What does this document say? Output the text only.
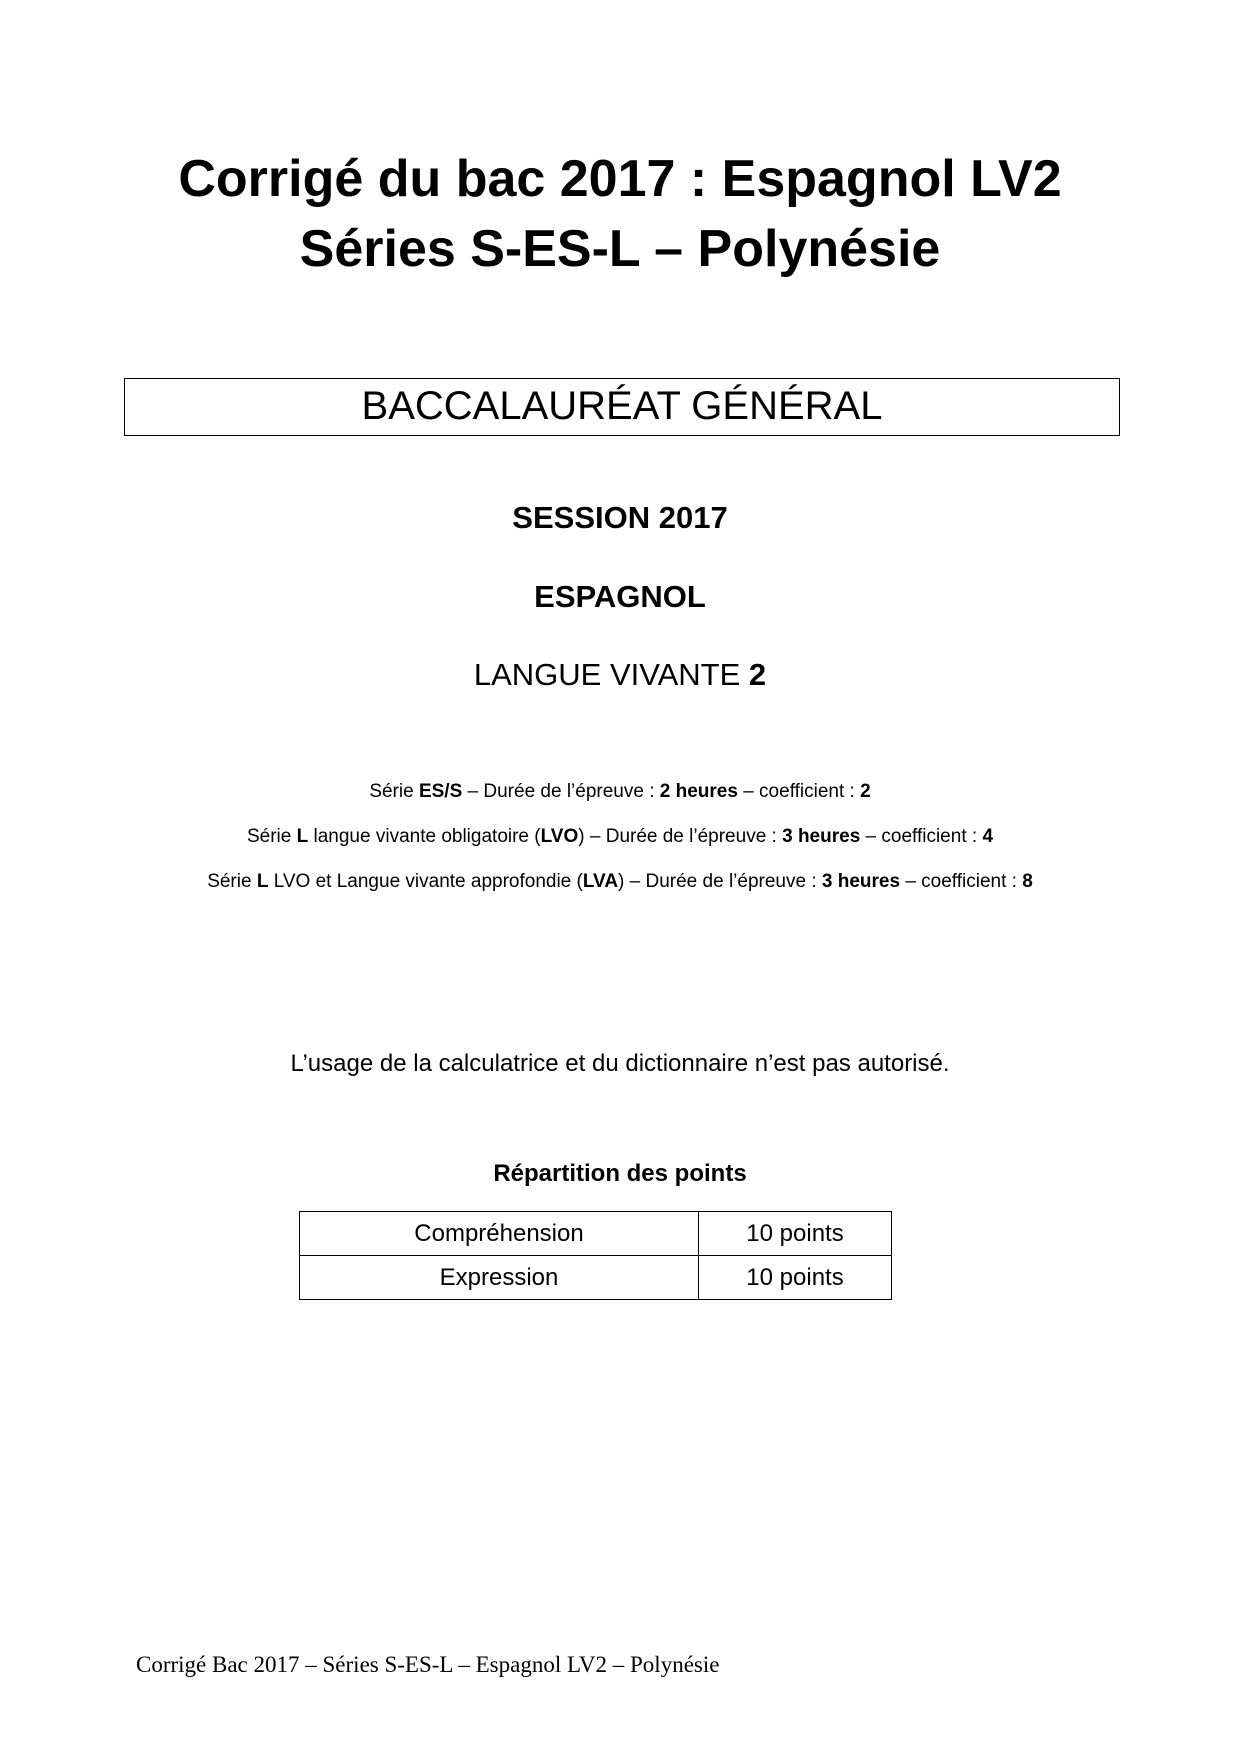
Corrigé du bac 2017 : Espagnol LV2
Séries S-ES-L – Polynésie
BACCALAURÉAT GÉNÉRAL
SESSION 2017
ESPAGNOL
LANGUE VIVANTE 2
Série ES/S – Durée de l’épreuve : 2 heures – coefficient : 2
Série L langue vivante obligatoire (LVO) – Durée de l’épreuve : 3 heures – coefficient : 4
Série L LVO et Langue vivante approfondie (LVA) – Durée de l’épreuve : 3 heures – coefficient : 8
L’usage de la calculatrice et du dictionnaire n’est pas autorisé.
Répartition des points
Compréhension	10 points
Expression	10 points
Corrigé Bac 2017 – Séries S-ES-L – Espagnol LV2 – Polynésie
